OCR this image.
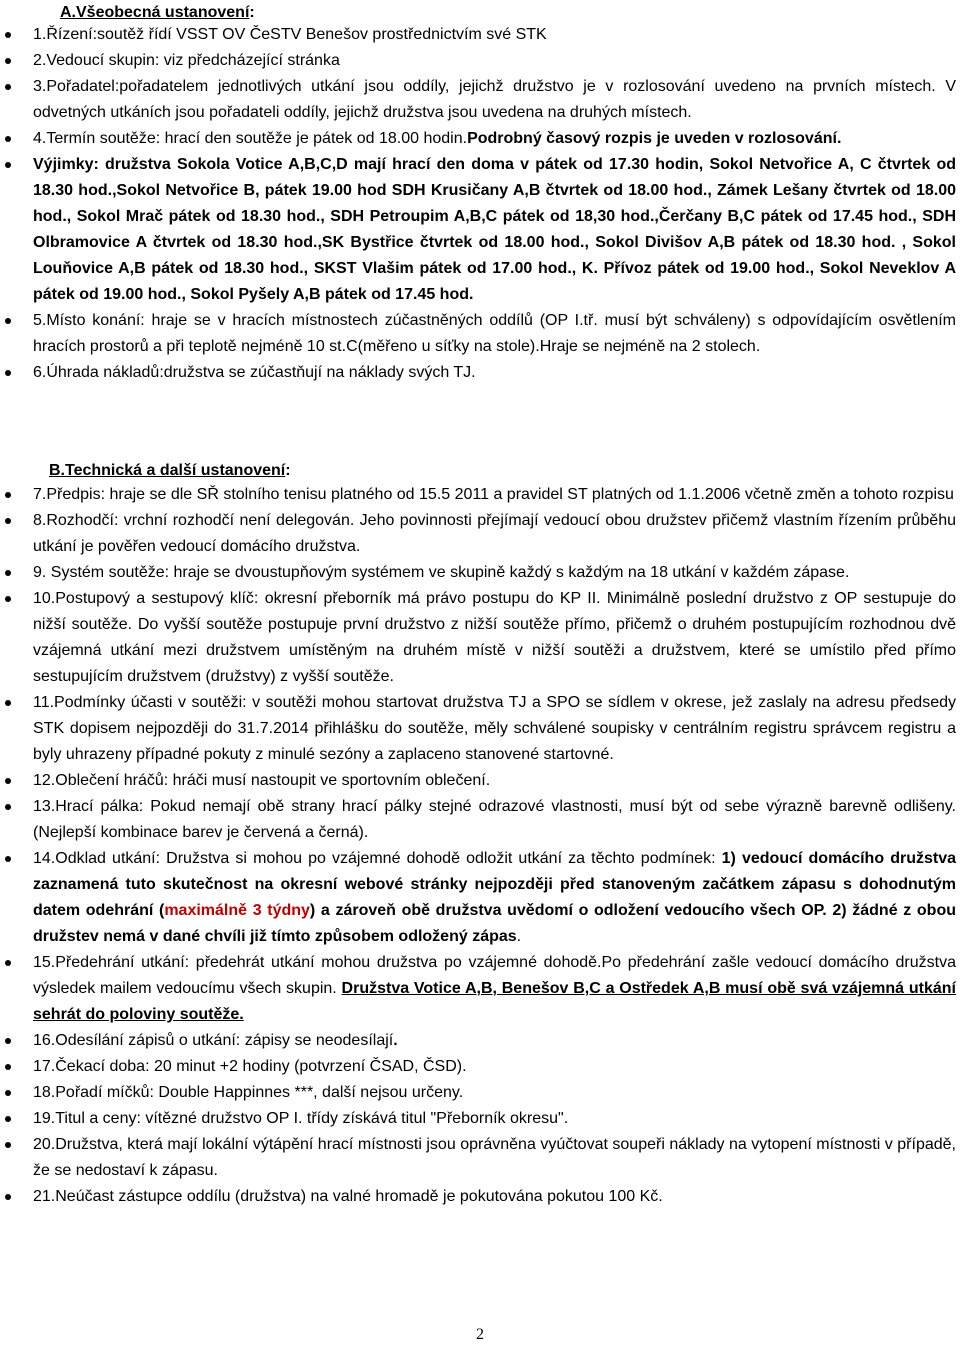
A.Všeobecná ustanovení:
1.Řízení:soutěž řídí VSST OV ČeSTV Benešov prostřednictvím své STK
2.Vedoucí skupin: viz předcházející stránka
3.Pořadatel:pořadatelem jednotlivých utkání jsou oddíly, jejichž družstvo je v rozlosování uvedeno na prvních místech. V odvetných utkáních jsou pořadateli oddíly, jejichž družstva jsou uvedena na druhých místech.
4.Termín soutěže: hrací den soutěže je pátek od 18.00 hodin.Podrobný časový rozpis je uveden v rozlosování.
Výjimky: družstva Sokola Votice A,B,C,D mají hrací den doma v pátek od 17.30 hodin, Sokol Netvořice A, C čtvrtek od 18.30 hod.,Sokol Netvořice B, pátek 19.00 hod SDH Krusičany A,B čtvrtek od 18.00 hod., Zámek Lešany čtvrtek od 18.00 hod., Sokol Mrač pátek od 18.30 hod., SDH Petroupim A,B,C pátek od 18,30 hod.,Čerčany B,C pátek od 17.45 hod., SDH Olbramovice A čtvrtek od 18.30 hod.,SK Bystřice čtvrtek od 18.00 hod., Sokol Divišov A,B pátek od 18.30 hod. , Sokol Louňovice A,B pátek od 18.30 hod., SKST Vlašim pátek od 17.00 hod., K. Přívoz pátek od 19.00 hod., Sokol Neveklov A pátek od 19.00 hod., Sokol Pyšely A,B pátek od 17.45 hod.
5.Místo konání: hraje se v hracích místnostech zúčastněných oddílů (OP I.tř. musí být schváleny) s odpovídajícím osvětlením hracích prostorů a při teplotě nejméně 10 st.C(měřeno u síťky na stole).Hraje se nejméně na 2 stolech.
6.Úhrada nákladů:družstva se zúčastňují na náklady svých TJ.
B.Technická a další ustanovení:
7.Předpis: hraje se dle SŘ stolního tenisu platného od 15.5 2011 a pravidel ST platných od 1.1.2006 včetně změn a tohoto rozpisu
8.Rozhodčí: vrchní rozhodčí není delegován. Jeho povinnosti přejímají vedoucí obou družstev přičemž vlastním řízením průběhu utkání je pověřen vedoucí domácího družstva.
9. Systém soutěže: hraje se dvoustupňovým systémem ve skupině každý s každým na 18 utkání v každém zápase.
10.Postupový a sestupový klíč: okresní přeborník má právo postupu do KP II. Minimálně poslední družstvo z OP sestupuje do nižší soutěže. Do vyšší soutěže postupuje první družstvo z nižší soutěže přímo, přičemž o druhém postupujícím rozhodnou dvě vzájemná utkání mezi družstvem umístěným na druhém místě v nižší soutěži a družstvem, které se umístilo před přímo sestupujícím družstvem (družstvy) z vyšší soutěže.
11.Podmínky účasti v soutěži: v soutěži mohou startovat družstva TJ a SPO se sídlem v okrese, jež zaslaly na adresu předsedy STK dopisem nejpozději do 31.7.2014 přihlášku do soutěže, měly schválené soupisky v centrálním registru správcem registru a byly uhrazeny případné pokuty z minulé sezóny a zaplaceno stanovené startovné.
12.Oblečení hráčů: hráči musí nastoupit ve sportovním oblečení.
13.Hrací pálka: Pokud nemají obě strany hrací pálky stejné odrazové vlastnosti, musí být od sebe výrazně barevně odlišeny. (Nejlepší kombinace barev je červená a černá).
14.Odklad utkání: Družstva si mohou po vzájemné dohodě odložit utkání za těchto podmínek: 1) vedoucí domácího družstva zaznamená tuto skutečnost na okresní webové stránky nejpozději před stanoveným začátkem zápasu s dohodnutým datem odehrání (maximálně 3 týdny) a zároveň obě družstva uvědomí o odložení vedoucího všech OP. 2) žádné z obou družstev nemá v dané chvíli již tímto způsobem odložený zápas.
15.Předehrání utkání: předehrát utkání mohou družstva po vzájemné dohodě.Po předehrání zašle vedoucí domácího družstva výsledek mailem vedoucímu všech skupin. Družstva Votice A,B, Benešov B,C a Ostředek A,B musí obě svá vzájemná utkání sehrát do poloviny soutěže.
16.Odesílání zápisů o utkání: zápisy se neodesílají.
17.Čekací doba: 20 minut +2 hodiny (potvrzení ČSAD, ČSD).
18.Pořadí míčků: Double Happinnes ***, další nejsou určeny.
19.Titul a ceny: vítězné družstvo OP I. třídy získává titul "Přeborník okresu".
20.Družstva, která mají lokální výtápění hrací místnosti jsou oprávněna vyúčtovat soupeři náklady na vytopení místnosti v případě, že se nedostaví k zápasu.
21.Neúčast zástupce oddílu (družstva) na valné hromadě je pokutována pokutou 100 Kč.
2
